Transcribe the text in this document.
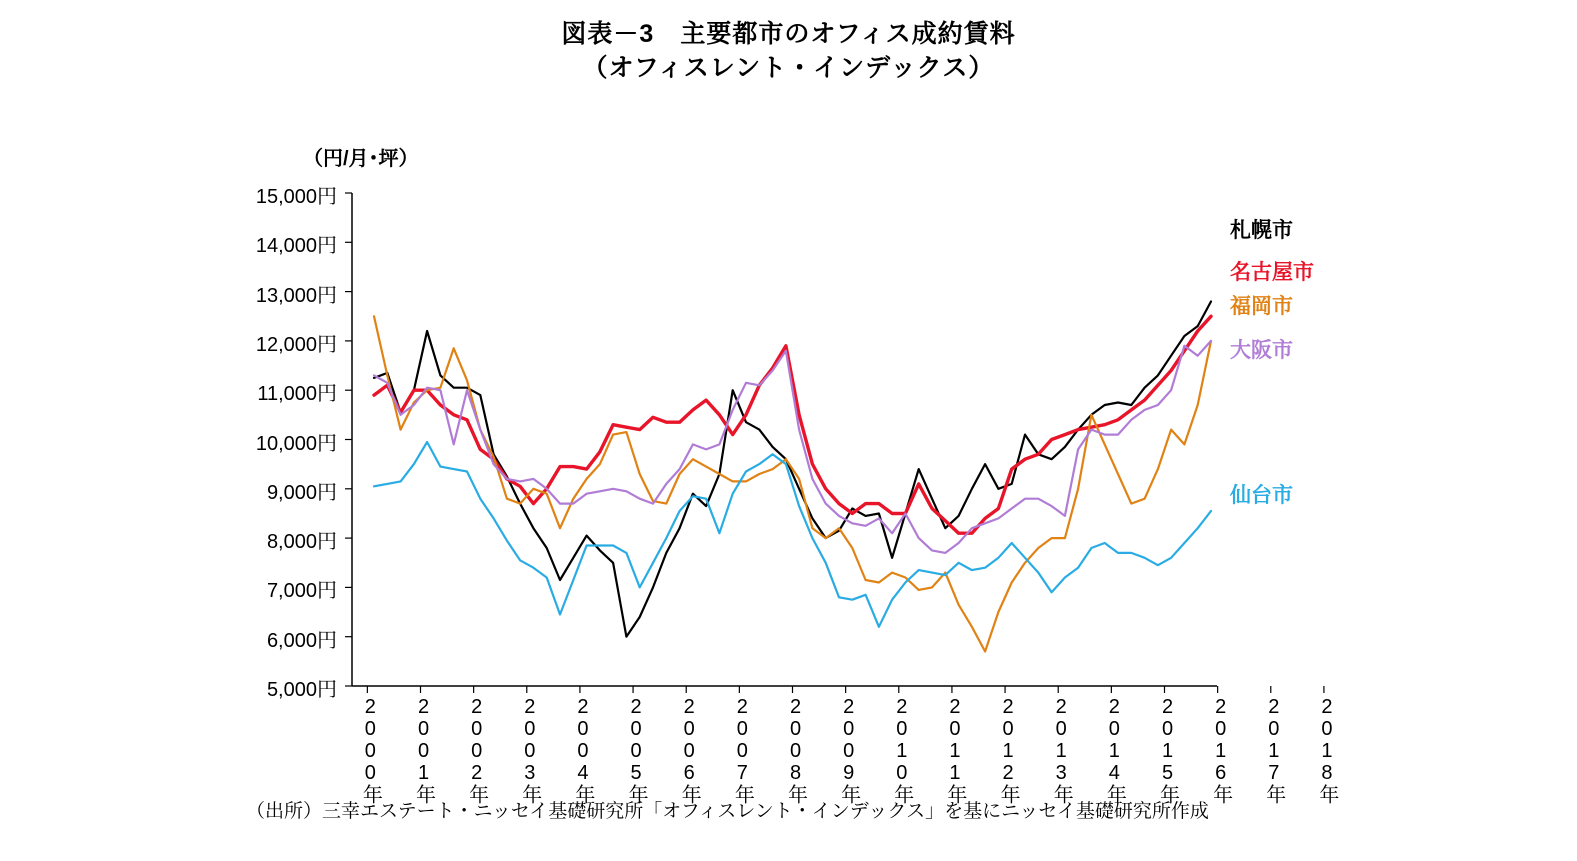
図表－3　主要都市のオフィス成約賃料
（オフィスレント・インデックス）
（円/月･坪）
5,000円
6,000円
7,000円
8,000円
9,000円
10,000円
11,000円
12,000円
13,000円
14,000円
15,000円
2000年 2001年 2002年 2003年 2004年 2005年 2006年 2007年 2008年 2009年 2010年 2011年 2012年 2013年 2014年 2015年 2016年 2017年 2018年
札幌市
名古屋市
福岡市
大阪市
仙台市
（出所）三幸エステート・ニッセイ基礎研究所「オフィスレント・インデックス」を基にニッセイ基礎研究所作成
